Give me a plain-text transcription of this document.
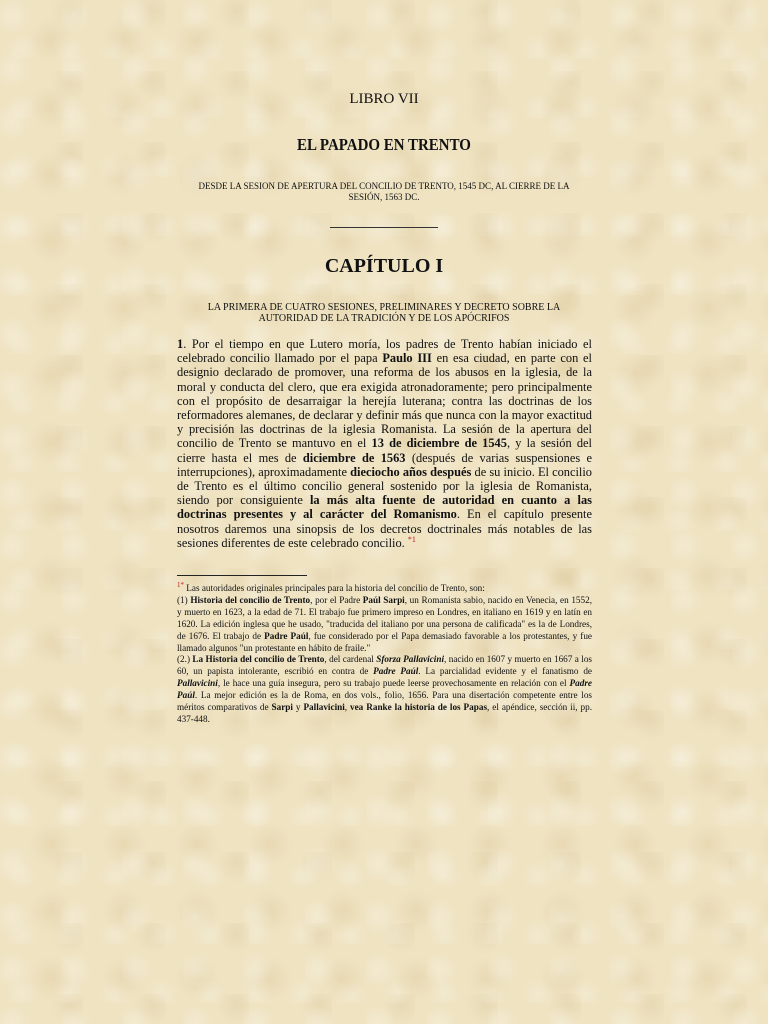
LIBRO VII
EL PAPADO EN TRENTO
DESDE LA SESION DE APERTURA DEL CONCILIO DE TRENTO, 1545 DC, AL CIERRE DE LA SESIÓN, 1563 DC.
CAPÍTULO I
LA PRIMERA DE CUATRO SESIONES, PRELIMINARES Y DECRETO SOBRE LA AUTORIDAD DE LA TRADICIÓN Y DE LOS APÓCRIFOS
1. Por el tiempo en que Lutero moría, los padres de Trento habían iniciado el celebrado concilio llamado por el papa Paulo III en esa ciudad, en parte con el designio declarado de promover, una reforma de los abusos en la iglesia, de la moral y conducta del clero, que era exigida atronadoramente; pero principalmente con el propósito de desarraigar la herejía luterana; contra las doctrinas de los reformadores alemanes, de declarar y definir más que nunca con la mayor exactitud y precisión las doctrinas de la iglesia Romanista. La sesión de la apertura del concilio de Trento se mantuvo en el 13 de diciembre de 1545, y la sesión del cierre hasta el mes de diciembre de 1563 (después de varias suspensiones e interrupciones), aproximadamente dieciocho años después de su inicio. El concilio de Trento es el último concilio general sostenido por la iglesia de Romanista, siendo por consiguiente la más alta fuente de autoridad en cuanto a las doctrinas presentes y al carácter del Romanismo. En el capítulo presente nosotros daremos una sinopsis de los decretos doctrinales más notables de las sesiones diferentes de este celebrado concilio. $^{*1}$
$^{1*}$ Las autoridades originales principales para la historia del concilio de Trento, son:
(1) Historia del concilio de Trento, por el Padre Paúl Sarpi, un Romanista sabio, nacido en Venecia, en 1552, y muerto en 1623, a la edad de 71. El trabajo fue primero impreso en Londres, en italiano en 1619 y en latín en 1620. La edición inglesa que he usado, "traducida del italiano por una persona de calificada" es la de Londres, de 1676. El trabajo de Padre Paúl, fue considerado por el Papa demasiado favorable a los protestantes, y fue llamado algunos "un protestante en hábito de fraile."
(2.) La Historia del concilio de Trento, del cardenal Sforza Pallavicini, nacido en 1607 y muerto en 1667 a los 60, un papista intolerante, escribió en contra de Padre Paúl. La parcialidad evidente y el fanatismo de Pallavicini, le hace una guía insegura, pero su trabajo puede leerse provechosamente en relación con el Padre Paúl. La mejor edición es la de Roma, en dos vols., folio, 1656. Para una disertación competente entre los méritos comparativos de Sarpi y Pallavicini, vea Ranke la historia de los Papas, el apéndice, sección ii, pp. 437-448.
